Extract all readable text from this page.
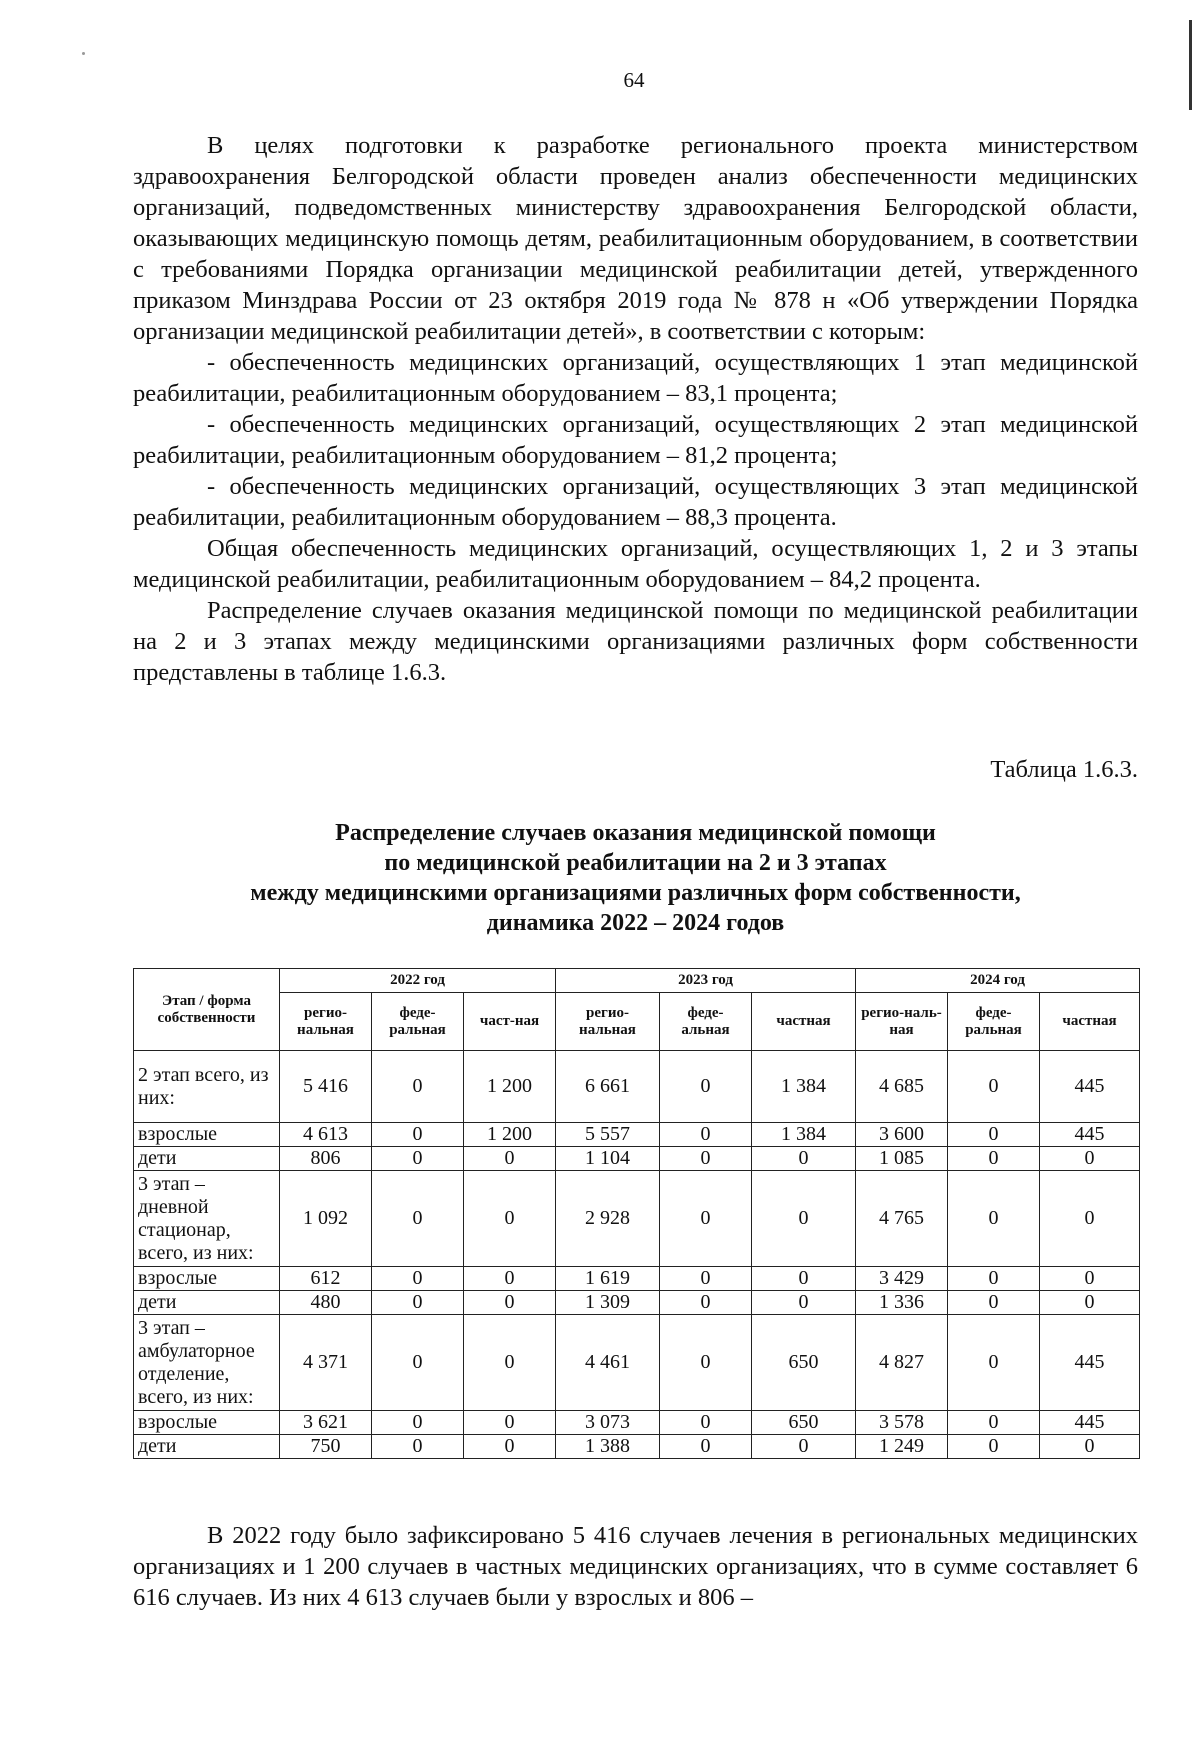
64

В целях подготовки к разработке регионального проекта министерством здравоохранения Белгородской области проведен анализ обеспеченности медицинских организаций, подведомственных министерству здравоохранения Белгородской области, оказывающих медицинскую помощь детям, реабилитационным оборудованием, в соответствии с требованиями Порядка организации медицинской реабилитации детей, утвержденного приказом Минздрава России от 23 октября 2019 года № 878 н «Об утверждении Порядка организации медицинской реабилитации детей», в соответствии с которым:

- обеспеченность медицинских организаций, осуществляющих 1 этап медицинской реабилитации, реабилитационным оборудованием – 83,1 процента;

- обеспеченность медицинских организаций, осуществляющих 2 этап медицинской реабилитации, реабилитационным оборудованием – 81,2 процента;

- обеспеченность медицинских организаций, осуществляющих 3 этап медицинской реабилитации, реабилитационным оборудованием – 88,3 процента.

Общая обеспеченность медицинских организаций, осуществляющих 1, 2 и 3 этапы медицинской реабилитации, реабилитационным оборудованием – 84,2 процента.

Распределение случаев оказания медицинской помощи по медицинской реабилитации на 2 и 3 этапах между медицинскими организациями различных форм собственности представлены в таблице 1.6.3.

Таблица 1.6.3.
Распределение случаев оказания медицинской помощи
по медицинской реабилитации на 2 и 3 этапах
между медицинскими организациями различных форм собственности,
динамика 2022 – 2024 годов
Этап / форма собственности	2022 год			2023 год			2024 год		
	регио-нальная	феде-ральная	част-ная	регио-нальная	феде-альная	частная	регио-наль-ная	феде-ральная	частная
2 этап всего, из них:	5 416	0	1 200	6 661	0	1 384	4 685	0	445
взрослые	4 613	0	1 200	5 557	0	1 384	3 600	0	445
дети	806	0	0	1 104	0	0	1 085	0	0
3 этап – дневной стационар, всего, из них:	1 092	0	0	2 928	0	0	4 765	0	0
взрослые	612	0	0	1 619	0	0	3 429	0	0
дети	480	0	0	1 309	0	0	1 336	0	0
3 этап – амбулаторное отделение, всего, из них:	4 371	0	0	4 461	0	650	4 827	0	445
взрослые	3 621	0	0	3 073	0	650	3 578	0	445
дети	750	0	0	1 388	0	0	1 249	0	0

В 2022 году было зафиксировано 5 416 случаев лечения в региональных медицинских организациях и 1 200 случаев в частных медицинских организациях, что в сумме составляет 6 616 случаев. Из них 4 613 случаев были у взрослых и 806 –
